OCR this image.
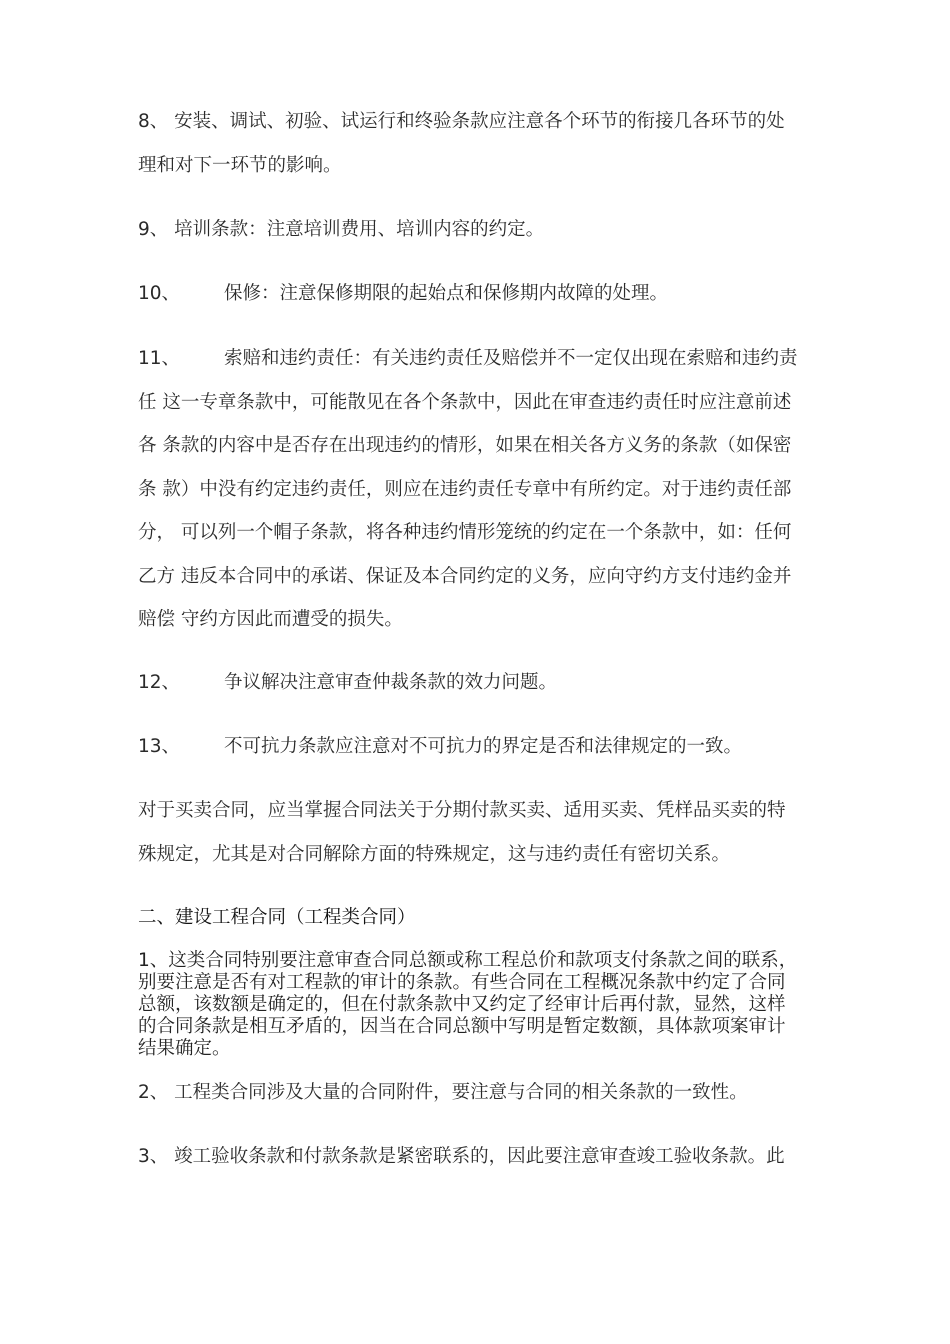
8、 安装、调试、初验、试运行和终验条款应注意各个环节的衔接几各环节的处
理和对下一环节的影响。
9、 培训条款：注意培训费用、培训内容的约定。
10、 保修：注意保修期限的起始点和保修期内故障的处理。
11、 索赔和违约责任：有关违约责任及赔偿并不一定仅出现在索赔和违约责
任 这一专章条款中，可能散见在各个条款中，因此在审查违约责任时应注意前述
各 条款的内容中是否存在出现违约的情形，如果在相关各方义务的条款（如保密
条 款）中没有约定违约责任，则应在违约责任专章中有所约定。对于违约责任部
分， 可以列一个帽子条款，将各种违约情形笼统的约定在一个条款中，如：任何
乙方 违反本合同中的承诺、保证及本合同约定的义务，应向守约方支付违约金并
赔偿 守约方因此而遭受的损失。
12、 争议解决注意审查仲裁条款的效力问题。
13、 不可抗力条款应注意对不可抗力的界定是否和法律规定的一致。
对于买卖合同，应当掌握合同法关于分期付款买卖、适用买卖、凭样品买卖的特
殊规定，尤其是对合同解除方面的特殊规定，这与违约责任有密切关系。
二、建设工程合同（工程类合同）
1、这类合同特别要注意审查合同总额或称工程总价和款项支付条款之间的联系，
别要注意是否有对工程款的审计的条款。有些合同在工程概况条款中约定了合同
总额，该数额是确定的，但在付款条款中又约定了经审计后再付款，显然，这样
的合同条款是相互矛盾的，因当在合同总额中写明是暂定数额，具体款项案审计
结果确定。
2、 工程类合同涉及大量的合同附件，要注意与合同的相关条款的一致性。
3、 竣工验收条款和付款条款是紧密联系的，因此要注意审查竣工验收条款。此
